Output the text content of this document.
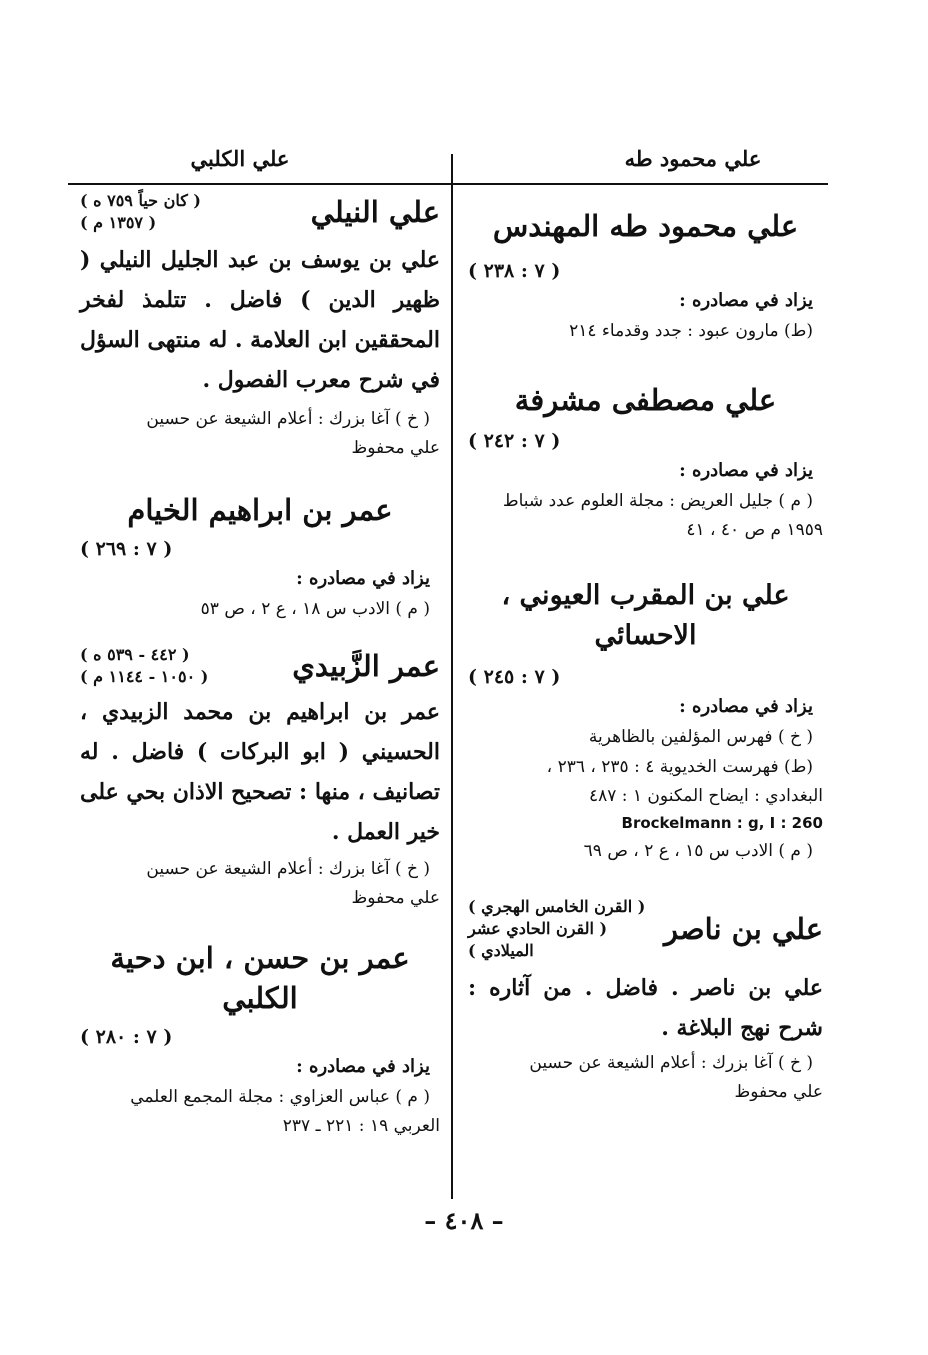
علي محمود طه
علي الكلبي
علي محمود طه المهندس
( ٧ : ٢٣٨ )
يزاد في مصادره :
(ط) مارون عبود : جدد وقدماء ٢١٤
علي مصطفى مشرفة
( ٧ : ٢٤٢ )
يزاد في مصادره :
( م ) جليل العريض : مجلة العلوم عدد شباط
١٩٥٩ م ص ٤٠ ، ٤١
علي بن المقرب العيوني ، الاحسائي
( ٧ : ٢٤٥ )
يزاد في مصادره :
( خ ) فهرس المؤلفين بالظاهرية
(ط) فهرست الخديوية ٤ : ٢٣٥ ، ٢٣٦ ،
البغدادي : ايضاح المكنون ١ : ٤٨٧
Brockelmann : g, I : 260
( م ) الادب س ١٥ ، ع ٢ ، ص ٦٩
علي بن ناصر
( القرن الخامس الهجري )
( القرن الحادي عشر الميلادي )
علي بن ناصر . فاضل . من آثاره : شرح نهج البلاغة .
( خ ) آغا بزرك : أعلام الشيعة عن حسين
علي محفوظ
علي النيلي
( كان حياً ٧٥٩ ه )
( ١٣٥٧ م )
علي بن يوسف بن عبد الجليل النيلي ( ظهير الدين ) فاضل . تتلمذ لفخر المحققين ابن العلامة . له منتهى السؤل في شرح معرب الفصول .
( خ ) آغا بزرك : أعلام الشيعة عن حسين
علي محفوظ
عمر بن ابراهيم الخيام
( ٧ : ٢٦٩ )
يزاد في مصادره :
( م ) الادب س ١٨ ، ع ٢ ، ص ٥٣
عمر الزَّبيدي
( ٤٤٢ - ٥٣٩ ه )
( ١٠٥٠ - ١١٤٤ م )
عمر بن ابراهيم بن محمد الزبيدي ، الحسيني ( ابو البركات ) فاضل . له تصانيف ، منها : تصحيح الاذان بحي على خير العمل .
( خ ) آغا بزرك : أعلام الشيعة عن حسين
علي محفوظ
عمر بن حسن ، ابن دحية الكلبي
( ٧ : ٢٨٠ )
يزاد في مصادره :
( م ) عباس العزاوي : مجلة المجمع العلمي
العربي ١٩ : ٢٢١ ـ ٢٣٧
– ٤٠٨ –
